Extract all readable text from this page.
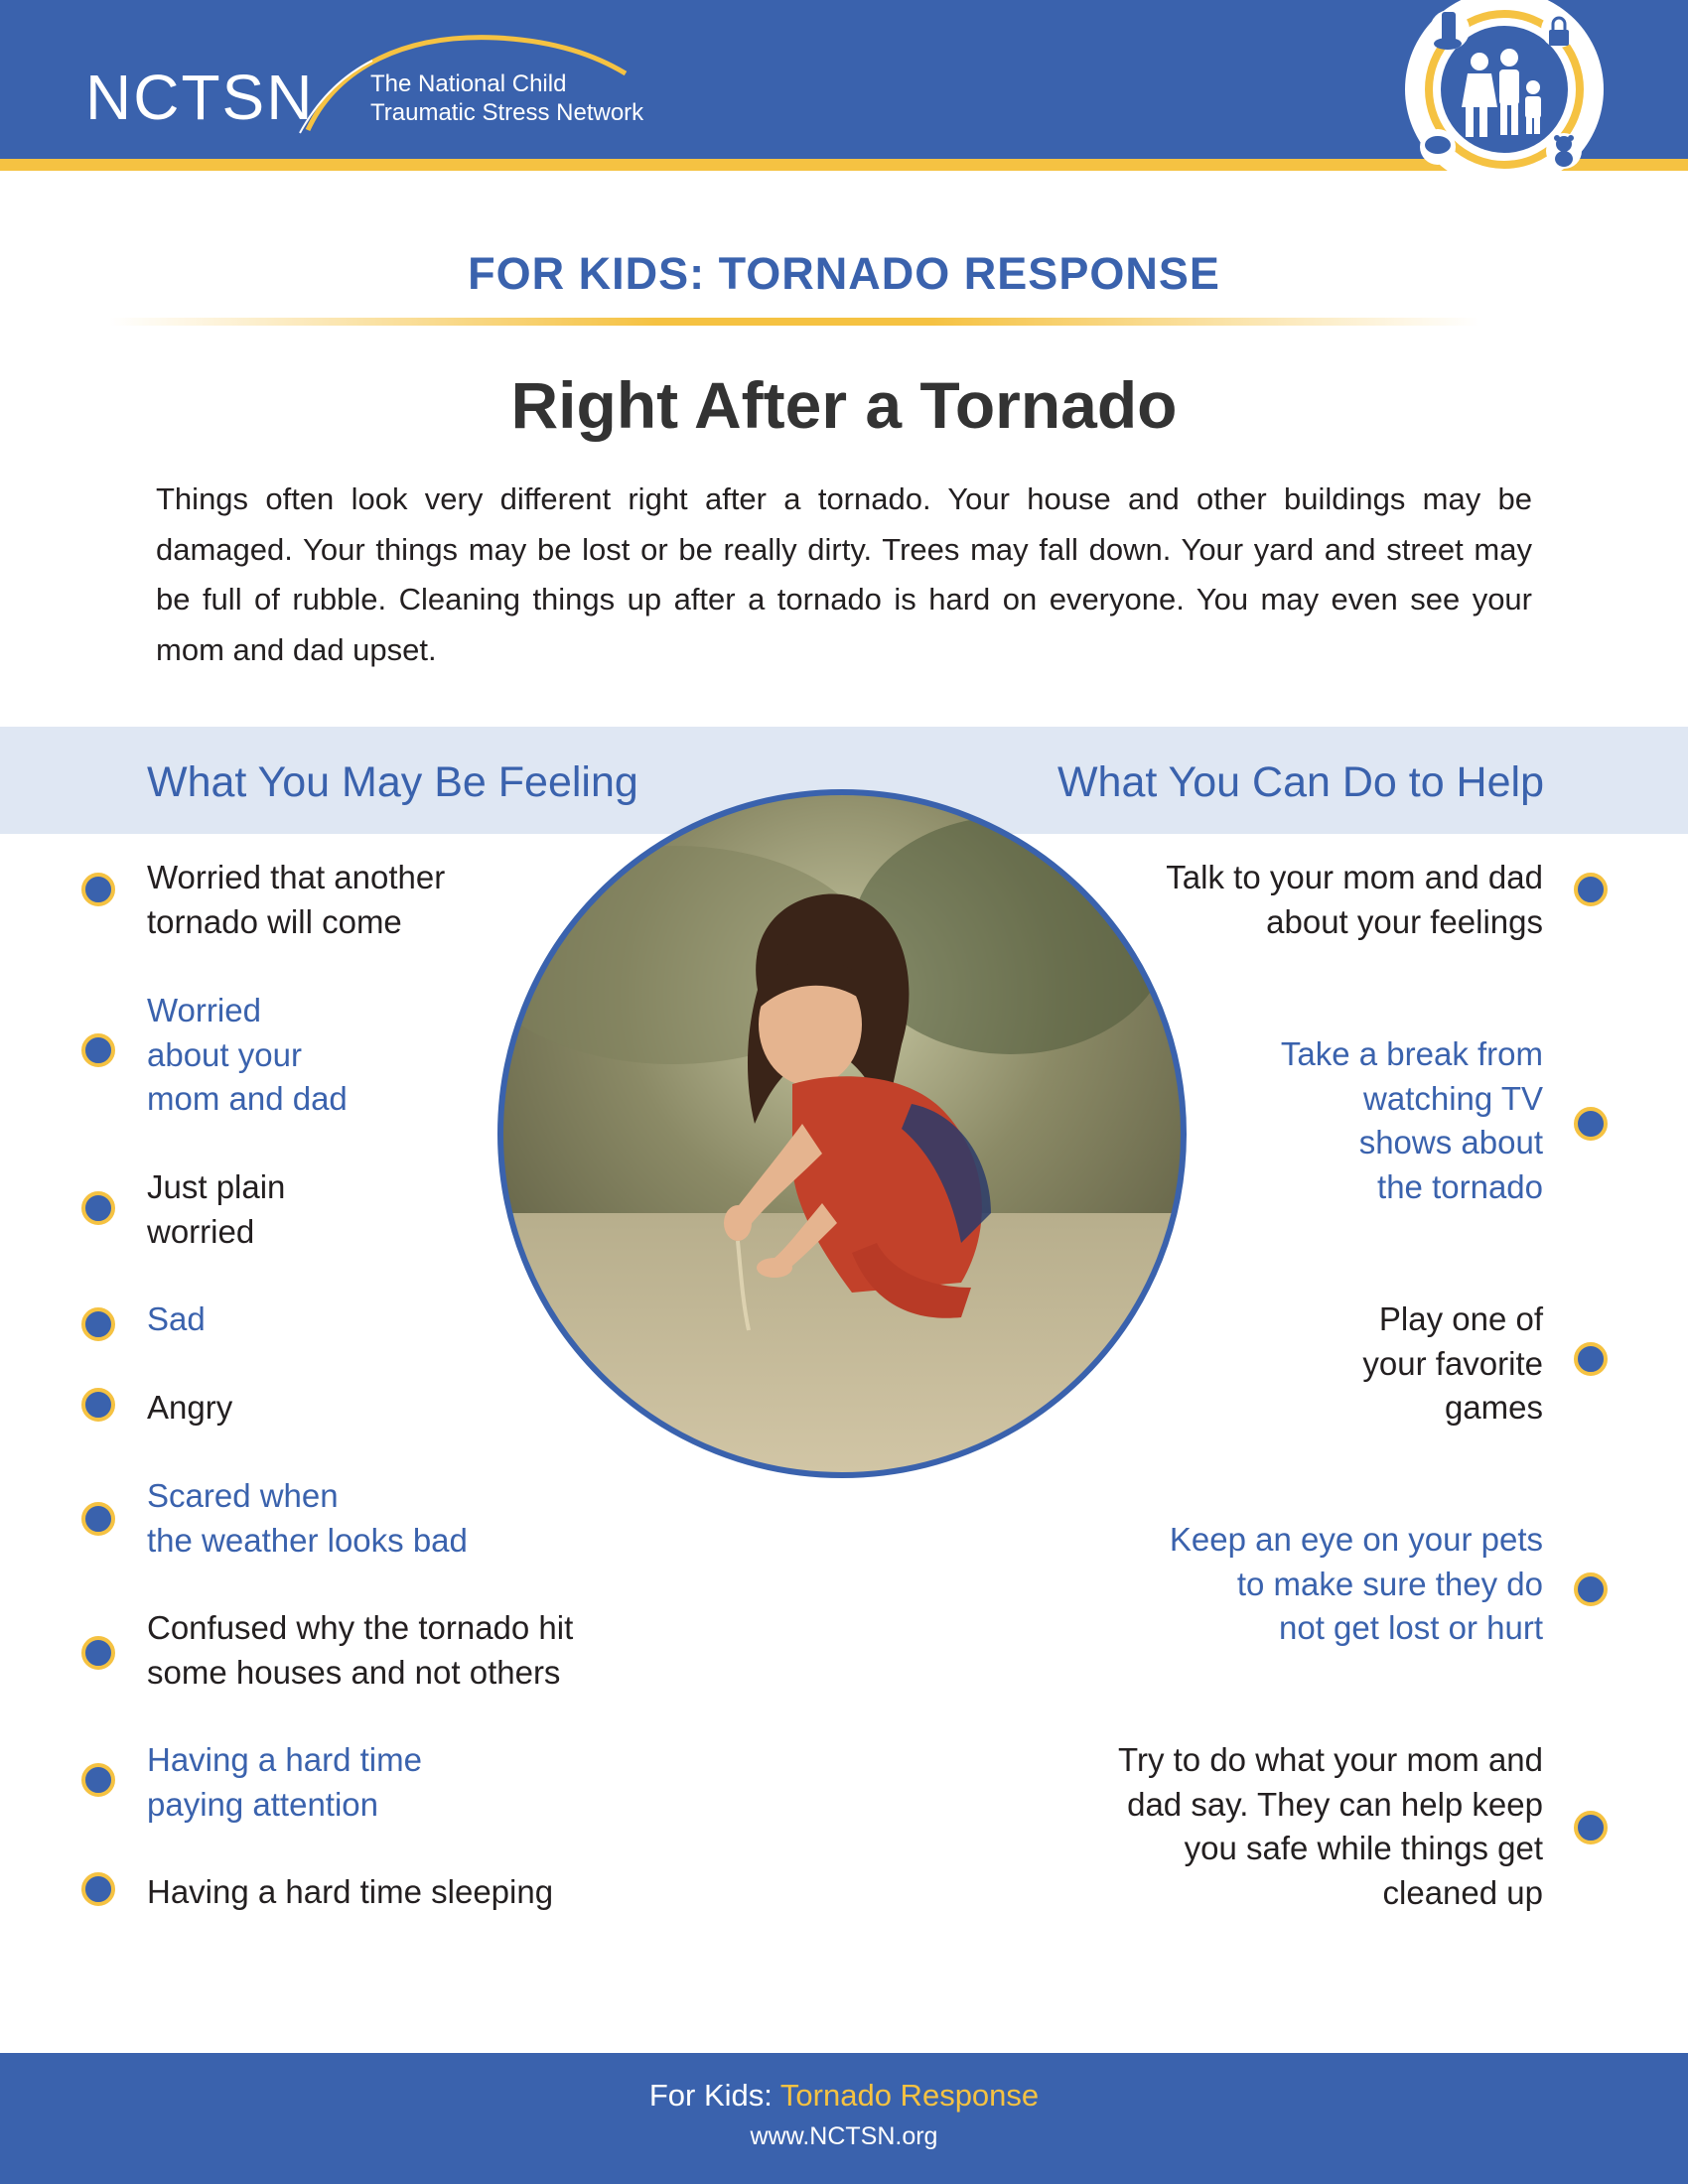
NCTSN The National Child
Traumatic Stress Network
FOR KIDS: TORNADO RESPONSE
Right After a Tornado
Things often look very different right after a tornado. Your house and other buildings may be damaged. Your things may be lost or be really dirty. Trees may fall down. Your yard and street may be full of rubble. Cleaning things up after a tornado is hard on everyone. You may even see your mom and dad upset.
What You May Be Feeling	What You Can Do to Help
Worried that another
tornado will come
Worried
about your
mom and dad
Just plain
worried
Sad
Angry
Scared when
the weather looks bad
Confused why the tornado hit
some houses and not others
Having a hard time
paying attention
Having a hard time sleeping
Talk to your mom and dad
about your feelings
Take a break from
watching TV
shows about
the tornado
Play one of
your favorite
games
Keep an eye on your pets
to make sure they do
not get lost or hurt
Try to do what your mom and
dad say. They can help keep
you safe while things get
cleaned up
For Kids: Tornado Response
www.NCTSN.org
